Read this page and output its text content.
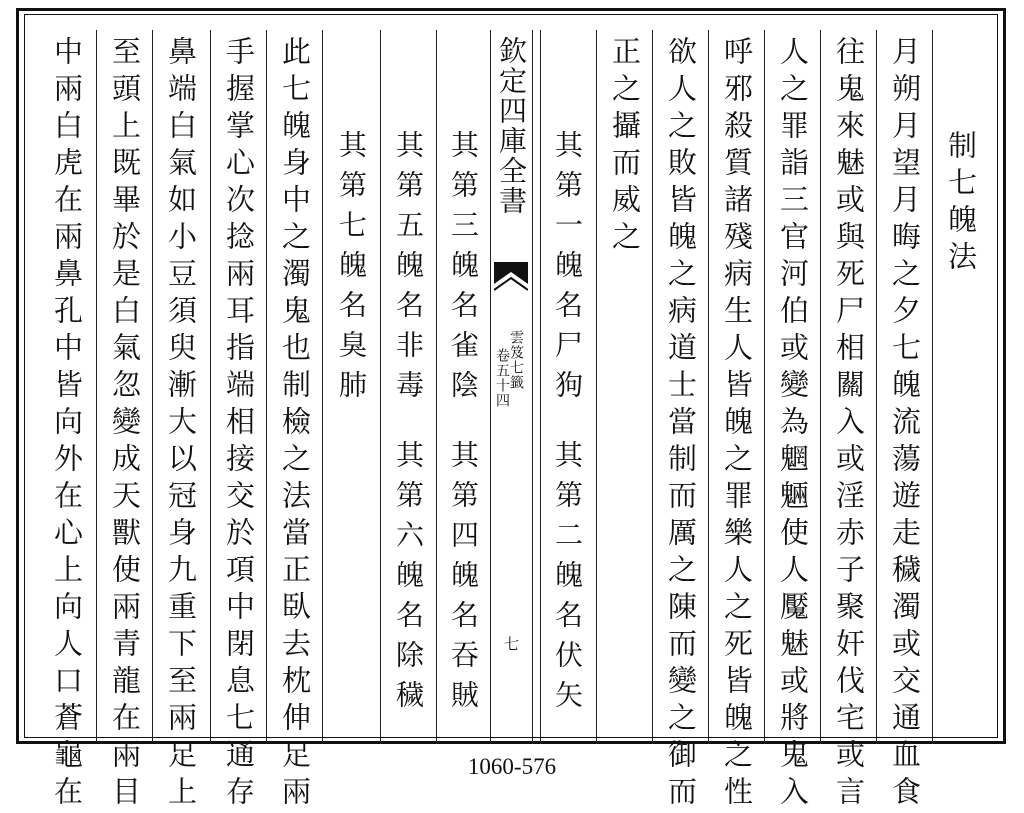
制七魄法
月朔月望月晦之夕七魄流蕩遊走穢濁或交通血食
往鬼來魅或與死尸相關入或淫赤子聚奸伐宅或言
人之罪詣三官河伯或變為魍魎使人魘魅或將鬼入
呼邪殺質諸殘病生人皆魄之罪樂人之死皆魄之性
欲人之敗皆魄之病道士當制而厲之陳而變之御而
正之攝而威之
其第一魄名尸狗
其第二魄名伏矢
欽定四庫全書
雲笈七籤
卷五十四
七
其第三魄名雀陰
其第四魄名吞賊
其第五魄名非毒
其第六魄名除穢
其第七魄名臭肺
此七魄身中之濁鬼也制檢之法當正臥去枕伸足兩
手握掌心次捻兩耳指端相接交於項中閉息七通存
鼻端白氣如小豆須臾漸大以冠身九重下至兩足上
至頭上既畢於是白氣忽變成天獸使兩青龍在兩目
中兩白虎在兩鼻孔中皆向外在心上向人口蒼龜在	1060-576
